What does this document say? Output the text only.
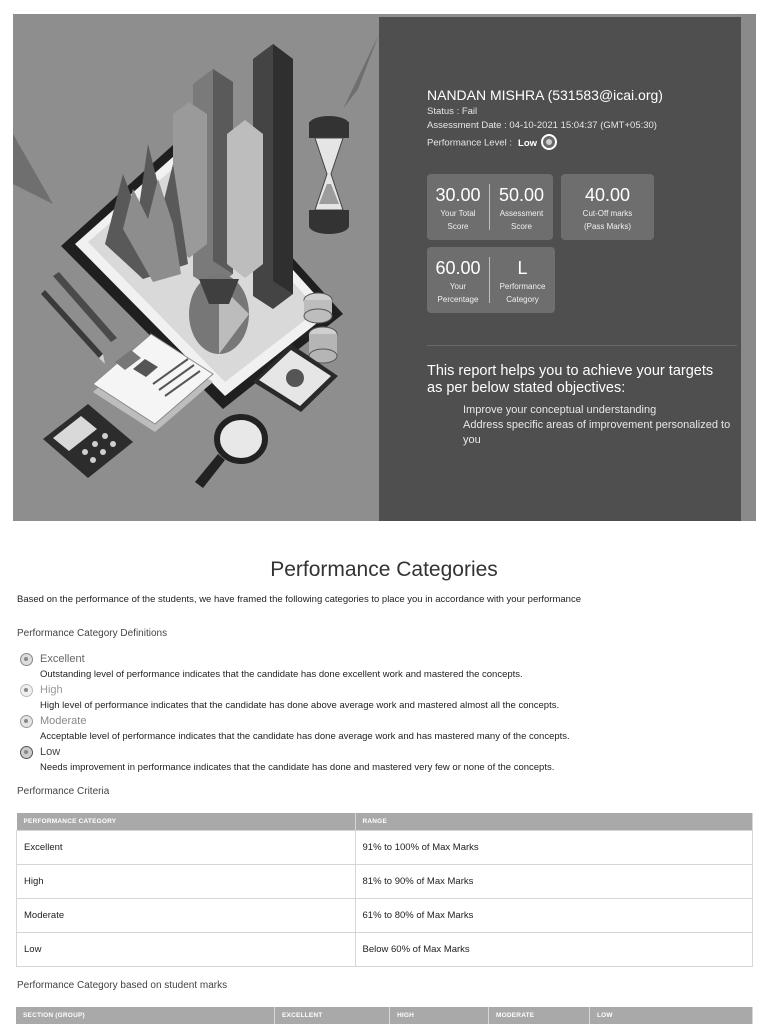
NANDAN MISHRA (531583@icai.org)
Status : Fail
Assessment Date : 04-10-2021 15:04:37 (GMT+05:30)
Performance Level : Low
30.00
Your Total
Score
50.00
Assessment
Score
40.00
Cut-Off marks
(Pass Marks)
60.00
Your
Percentage
L
Performance
Category
This report helps you to achieve your targets as per below stated objectives:
Improve your conceptual understanding
Address specific areas of improvement personalized to you
Performance Categories
Based on the performance of the students, we have framed the following categories to place you in accordance with your performance
Performance Category Definitions
Excellent
Outstanding level of performance indicates that the candidate has done excellent work and mastered the concepts.
High
High level of performance indicates that the candidate has done above average work and mastered almost all the concepts.
Moderate
Acceptable level of performance indicates that the candidate has done average work and has mastered many of the concepts.
Low
Needs improvement in performance indicates that the candidate has done and mastered very few or none of the concepts.
Performance Criteria
PERFORMANCE CATEGORY	RANGE
Excellent	91% to 100% of Max Marks
High	81% to 90% of Max Marks
Moderate	61% to 80% of Max Marks
Low	Below 60% of Max Marks
Performance Category based on student marks
SECTION (GROUP)	EXCELLENT	HIGH	MODERATE	LOW
